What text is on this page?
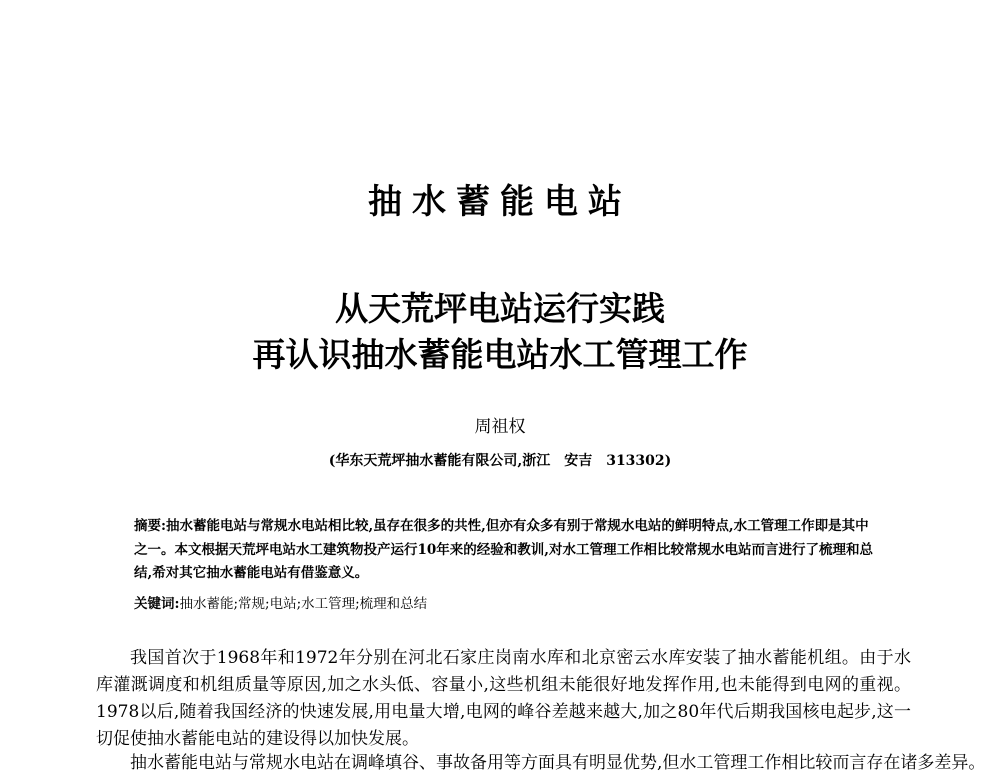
抽水蓄能电站
从天荒坪电站运行实践
再认识抽水蓄能电站水工管理工作
周祖权
(华东天荒坪抽水蓄能有限公司,浙江　安吉　313302)
摘要:抽水蓄能电站与常规水电站相比较,虽存在很多的共性,但亦有众多有别于常规水电站的鲜明特点,水工管理工作即是其中之一。本文根据天荒坪电站水工建筑物投产运行10年来的经验和教训,对水工管理工作相比较常规水电站而言进行了梳理和总结,希对其它抽水蓄能电站有借鉴意义。
关键词:抽水蓄能;常规;电站;水工管理;梳理和总结
我国首次于1968年和1972年分别在河北石家庄岗南水库和北京密云水库安装了抽水蓄能机组。由于水库灌溉调度和机组质量等原因,加之水头低、容量小,这些机组未能很好地发挥作用,也未能得到电网的重视。1978以后,随着我国经济的快速发展,用电量大增,电网的峰谷差越来越大,加之80年代后期我国核电起步,这一切促使抽水蓄能电站的建设得以加快发展。
抽水蓄能电站与常规水电站在调峰填谷、事故备用等方面具有明显优势,但水工管理工作相比较而言存在诸多差异。
